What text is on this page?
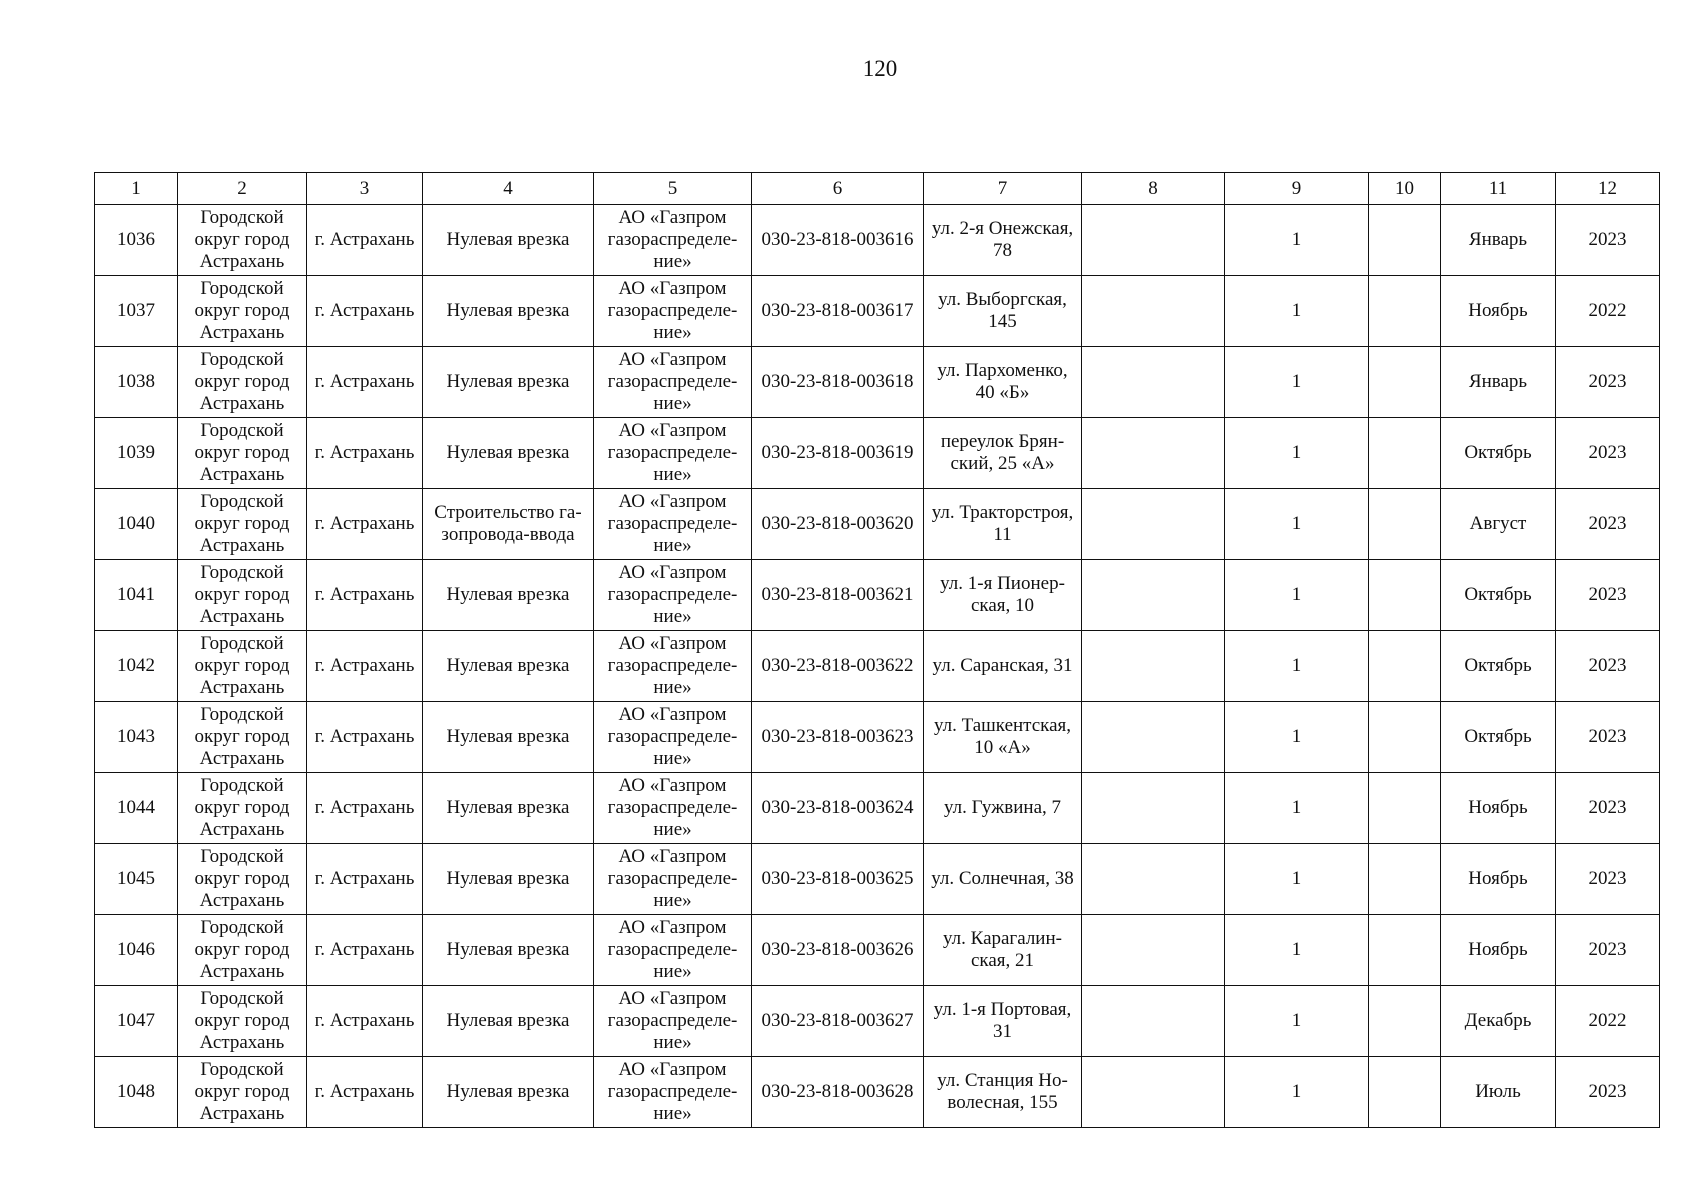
120
1	2	3	4	5	6	7	8	9	10	11	12
1036	Городской
округ город
Астрахань	г. Астрахань	Нулевая врезка	АО «Газпром
газораспределе-
ние»	030-23-818-003616	ул. 2-я Онежская,
78		1		Январь	2023
1037	Городской
округ город
Астрахань	г. Астрахань	Нулевая врезка	АО «Газпром
газораспределе-
ние»	030-23-818-003617	ул. Выборгская,
145		1		Ноябрь	2022
1038	Городской
округ город
Астрахань	г. Астрахань	Нулевая врезка	АО «Газпром
газораспределе-
ние»	030-23-818-003618	ул. Пархоменко,
40 «Б»		1		Январь	2023
1039	Городской
округ город
Астрахань	г. Астрахань	Нулевая врезка	АО «Газпром
газораспределе-
ние»	030-23-818-003619	переулок Брян-
ский, 25 «А»		1		Октябрь	2023
1040	Городской
округ город
Астрахань	г. Астрахань	Строительство га-
зопровода-ввода	АО «Газпром
газораспределе-
ние»	030-23-818-003620	ул. Тракторстроя,
11		1		Август	2023
1041	Городской
округ город
Астрахань	г. Астрахань	Нулевая врезка	АО «Газпром
газораспределе-
ние»	030-23-818-003621	ул. 1-я Пионер-
ская, 10		1		Октябрь	2023
1042	Городской
округ город
Астрахань	г. Астрахань	Нулевая врезка	АО «Газпром
газораспределе-
ние»	030-23-818-003622	ул. Саранская, 31		1		Октябрь	2023
1043	Городской
округ город
Астрахань	г. Астрахань	Нулевая врезка	АО «Газпром
газораспределе-
ние»	030-23-818-003623	ул. Ташкентская,
10 «А»		1		Октябрь	2023
1044	Городской
округ город
Астрахань	г. Астрахань	Нулевая врезка	АО «Газпром
газораспределе-
ние»	030-23-818-003624	ул. Гужвина, 7		1		Ноябрь	2023
1045	Городской
округ город
Астрахань	г. Астрахань	Нулевая врезка	АО «Газпром
газораспределе-
ние»	030-23-818-003625	ул. Солнечная, 38		1		Ноябрь	2023
1046	Городской
округ город
Астрахань	г. Астрахань	Нулевая врезка	АО «Газпром
газораспределе-
ние»	030-23-818-003626	ул. Карагалин-
ская, 21		1		Ноябрь	2023
1047	Городской
округ город
Астрахань	г. Астрахань	Нулевая врезка	АО «Газпром
газораспределе-
ние»	030-23-818-003627	ул. 1-я Портовая,
31		1		Декабрь	2022
1048	Городской
округ город
Астрахань	г. Астрахань	Нулевая врезка	АО «Газпром
газораспределе-
ние»	030-23-818-003628	ул. Станция Но-
волесная, 155		1		Июль	2023
